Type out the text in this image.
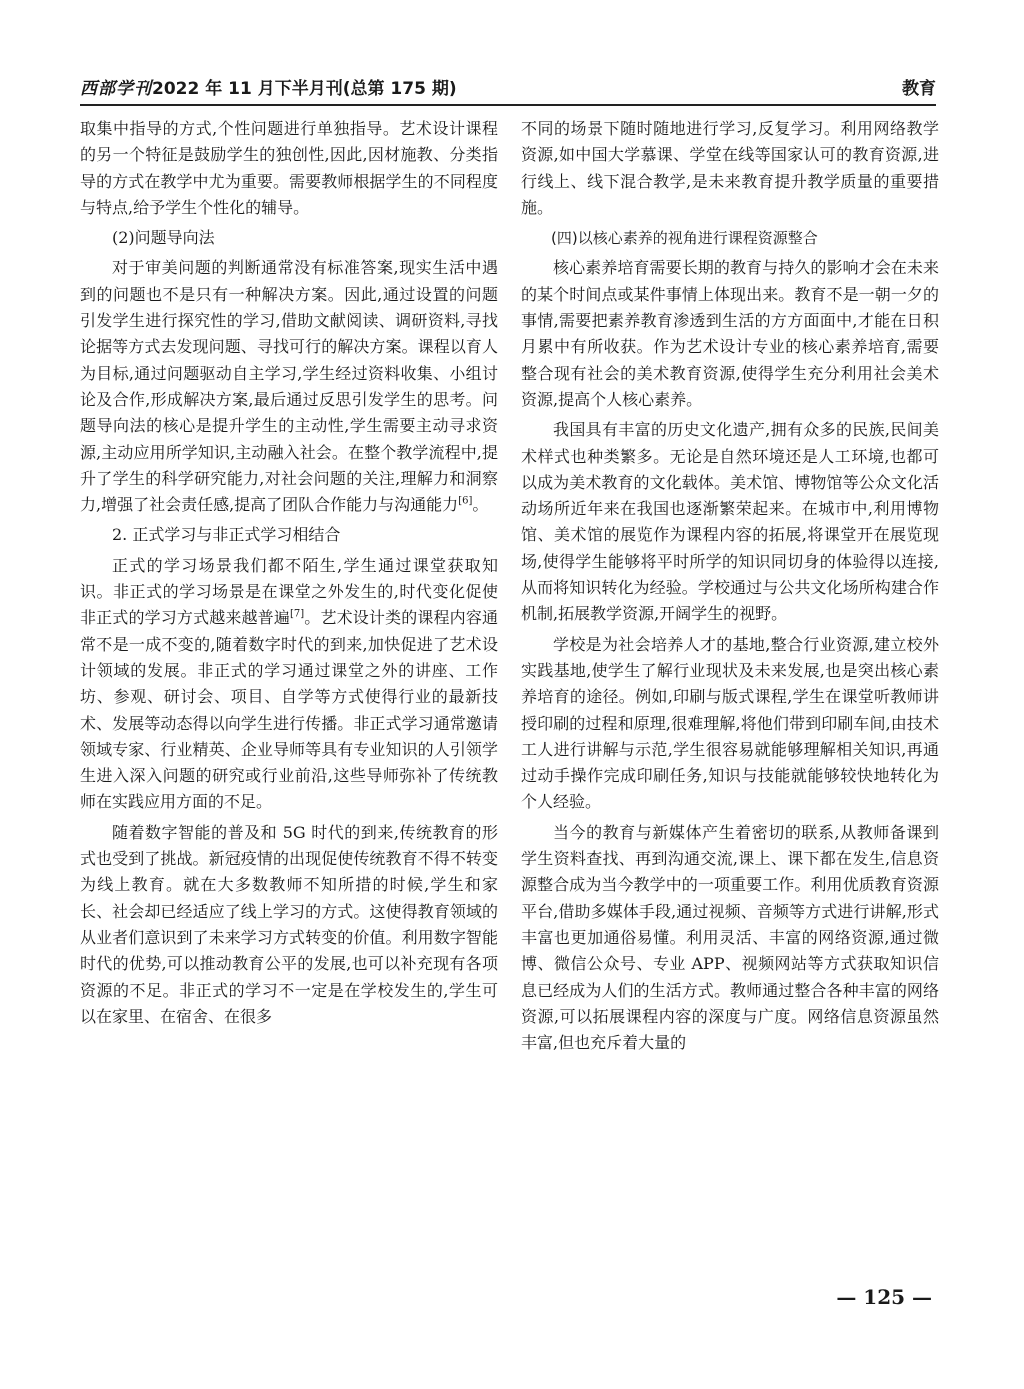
西部学刊2022 年 11 月下半月刊(总第 175 期)	教育

取集中指导的方式,个性问题进行单独指导。艺术设计课程的另一个特征是鼓励学生的独创性,因此,因材施教、分类指导的方式在教学中尤为重要。需要教师根据学生的不同程度与特点,给予学生个性化的辅导。

(2)问题导向法

对于审美问题的判断通常没有标准答案,现实生活中遇到的问题也不是只有一种解决方案。因此,通过设置的问题引发学生进行探究性的学习,借助文献阅读、调研资料,寻找论据等方式去发现问题、寻找可行的解决方案。课程以育人为目标,通过问题驱动自主学习,学生经过资料收集、小组讨论及合作,形成解决方案,最后通过反思引发学生的思考。问题导向法的核心是提升学生的主动性,学生需要主动寻求资源,主动应用所学知识,主动融入社会。在整个教学流程中,提升了学生的科学研究能力,对社会问题的关注,理解力和洞察力,增强了社会责任感,提高了团队合作能力与沟通能力[6]。

2. 正式学习与非正式学习相结合

正式的学习场景我们都不陌生,学生通过课堂获取知识。非正式的学习场景是在课堂之外发生的,时代变化促使非正式的学习方式越来越普遍[7]。艺术设计类的课程内容通常不是一成不变的,随着数字时代的到来,加快促进了艺术设计领域的发展。非正式的学习通过课堂之外的讲座、工作坊、参观、研讨会、项目、自学等方式使得行业的最新技术、发展等动态得以向学生进行传播。非正式学习通常邀请领域专家、行业精英、企业导师等具有专业知识的人引领学生进入深入问题的研究或行业前沿,这些导师弥补了传统教师在实践应用方面的不足。

随着数字智能的普及和 5G 时代的到来,传统教育的形式也受到了挑战。新冠疫情的出现促使传统教育不得不转变为线上教育。就在大多数教师不知所措的时候,学生和家长、社会却已经适应了线上学习的方式。这使得教育领域的从业者们意识到了未来学习方式转变的价值。利用数字智能时代的优势,可以推动教育公平的发展,也可以补充现有各项资源的不足。非正式的学习不一定是在学校发生的,学生可以在家里、在宿舍、在很多

不同的场景下随时随地进行学习,反复学习。利用网络教学资源,如中国大学慕课、学堂在线等国家认可的教育资源,进行线上、线下混合教学,是未来教育提升教学质量的重要措施。

(四)以核心素养的视角进行课程资源整合

核心素养培育需要长期的教育与持久的影响才会在未来的某个时间点或某件事情上体现出来。教育不是一朝一夕的事情,需要把素养教育渗透到生活的方方面面中,才能在日积月累中有所收获。作为艺术设计专业的核心素养培育,需要整合现有社会的美术教育资源,使得学生充分利用社会美术资源,提高个人核心素养。

我国具有丰富的历史文化遗产,拥有众多的民族,民间美术样式也种类繁多。无论是自然环境还是人工环境,也都可以成为美术教育的文化载体。美术馆、博物馆等公众文化活动场所近年来在我国也逐渐繁荣起来。在城市中,利用博物馆、美术馆的展览作为课程内容的拓展,将课堂开在展览现场,使得学生能够将平时所学的知识同切身的体验得以连接,从而将知识转化为经验。学校通过与公共文化场所构建合作机制,拓展教学资源,开阔学生的视野。

学校是为社会培养人才的基地,整合行业资源,建立校外实践基地,使学生了解行业现状及未来发展,也是突出核心素养培育的途径。例如,印刷与版式课程,学生在课堂听教师讲授印刷的过程和原理,很难理解,将他们带到印刷车间,由技术工人进行讲解与示范,学生很容易就能够理解相关知识,再通过动手操作完成印刷任务,知识与技能就能够较快地转化为个人经验。

当今的教育与新媒体产生着密切的联系,从教师备课到学生资料查找、再到沟通交流,课上、课下都在发生,信息资源整合成为当今教学中的一项重要工作。利用优质教育资源平台,借助多媒体手段,通过视频、音频等方式进行讲解,形式丰富也更加通俗易懂。利用灵活、丰富的网络资源,通过微博、微信公众号、专业 APP、视频网站等方式获取知识信息已经成为人们的生活方式。教师通过整合各种丰富的网络资源,可以拓展课程内容的深度与广度。网络信息资源虽然丰富,但也充斥着大量的

— 125 —
